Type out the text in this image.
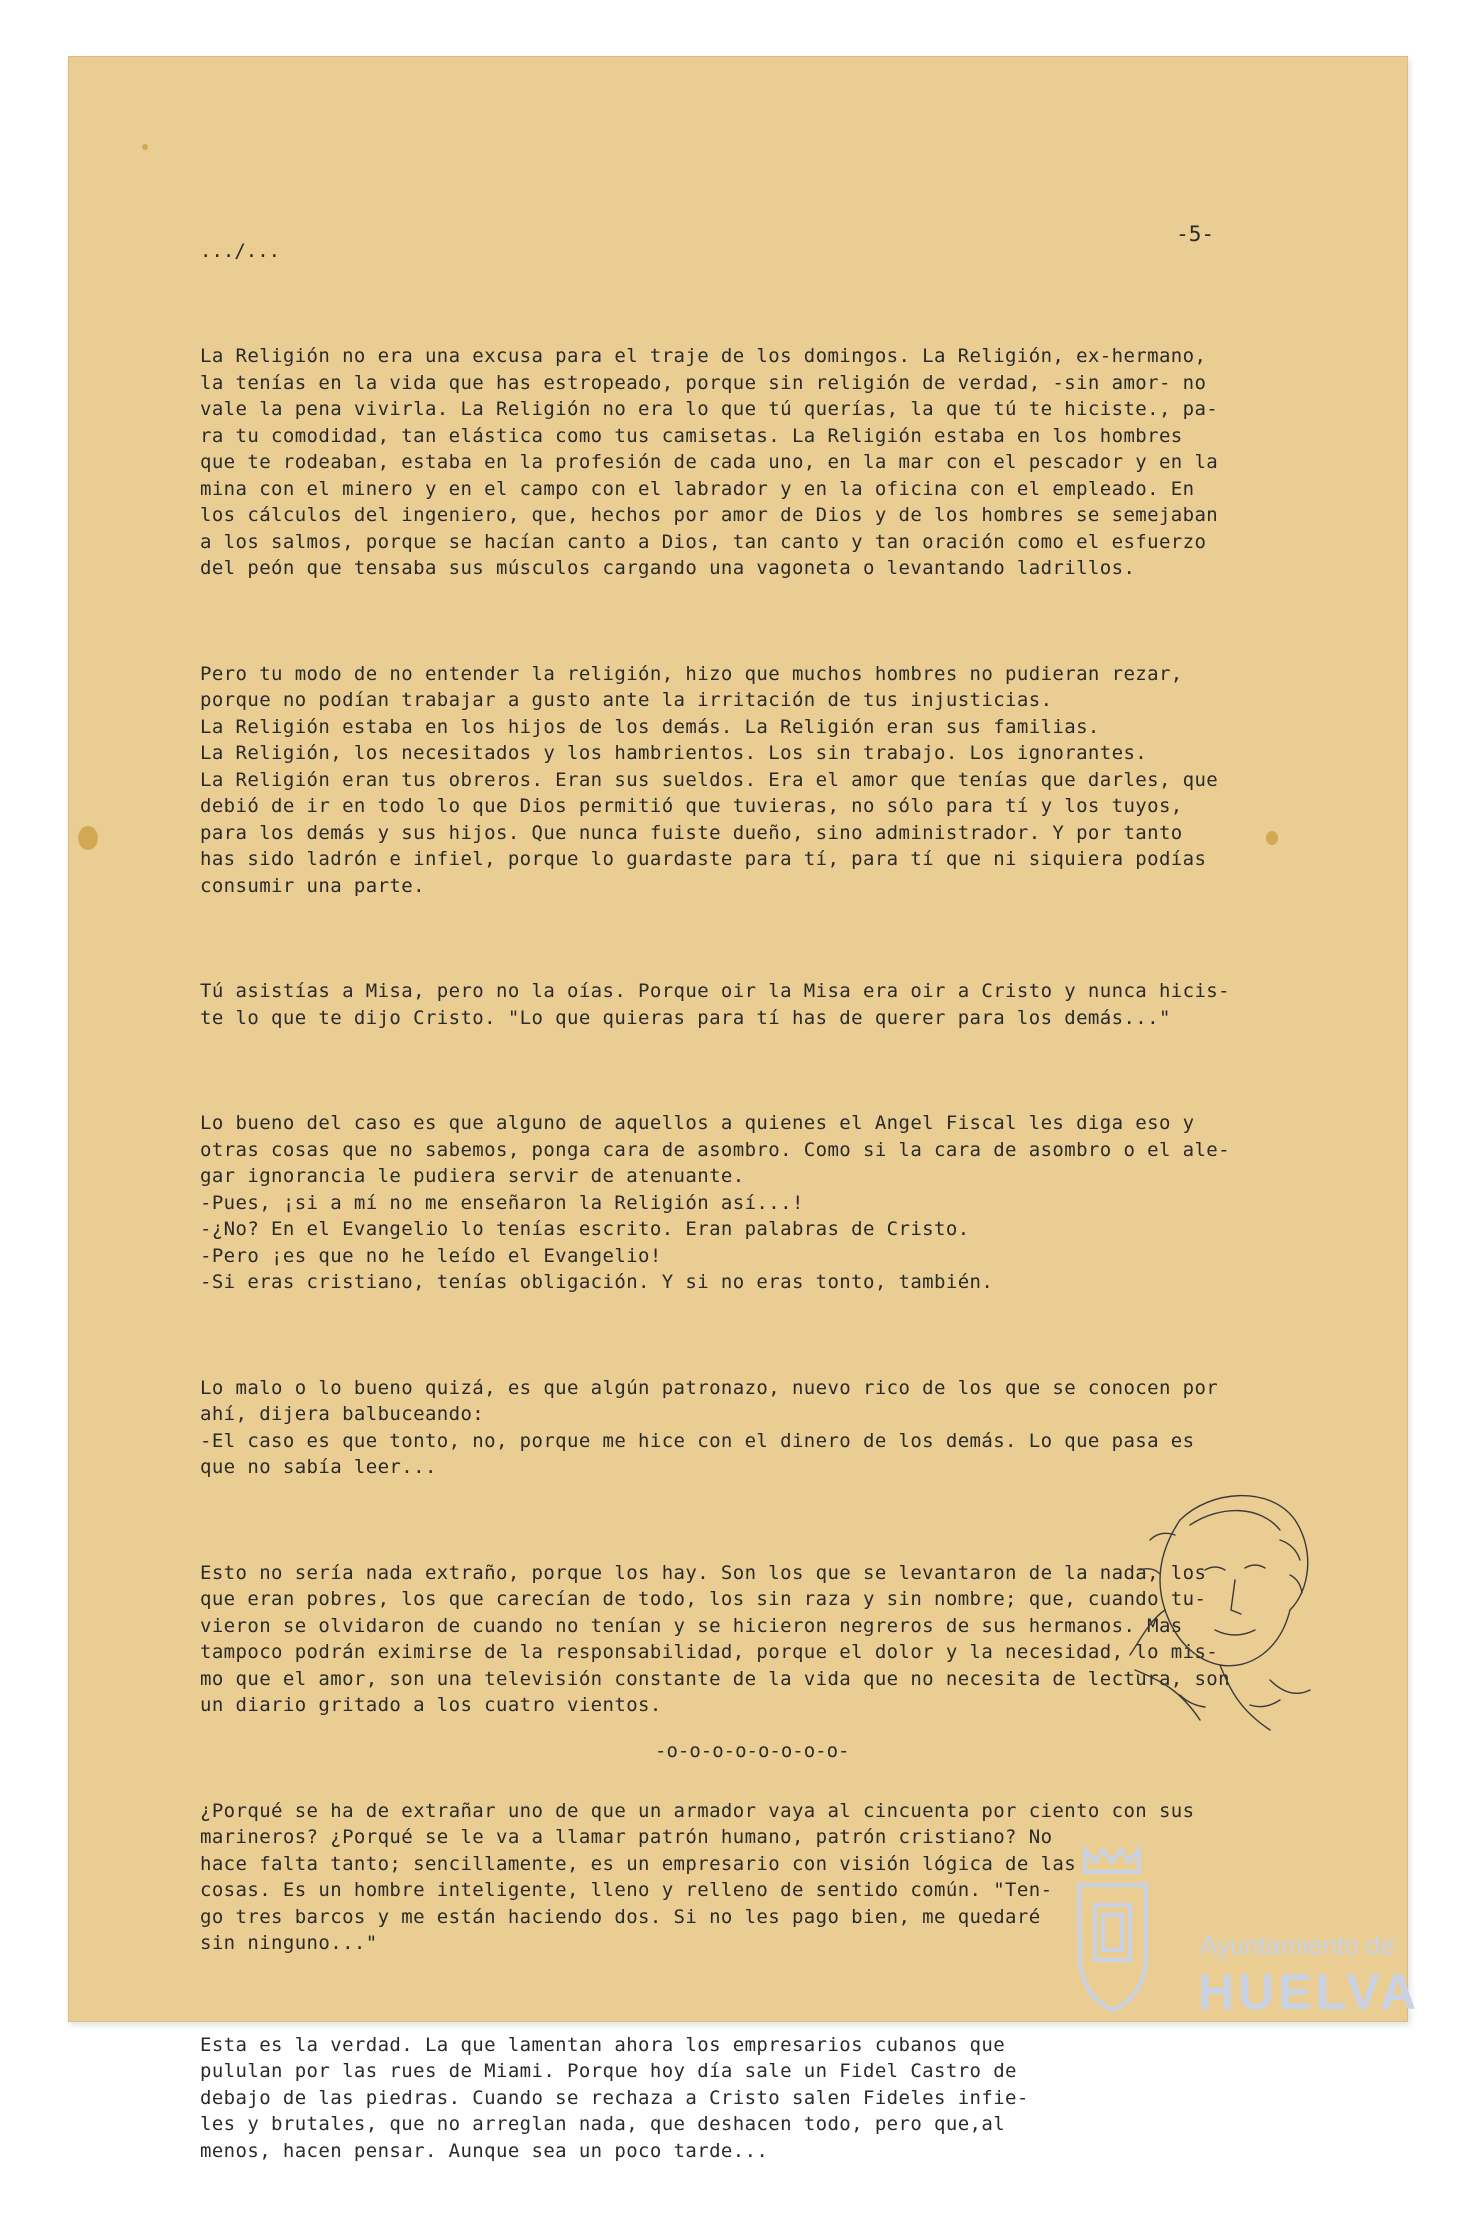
-5-
.../...

La Religión no era una excusa para el traje de los domingos. La Religión, ex-hermano,
la tenías en la vida que has estropeado, porque sin religión de verdad, -sin amor- no
vale la pena vivirla. La Religión no era lo que tú querías, la que tú te hiciste., pa-
ra tu comodidad, tan elástica como tus camisetas. La Religión estaba en los hombres
que te rodeaban, estaba en la profesión de cada uno, en la mar con el pescador y en la
mina con el minero y en el campo con el labrador y en la oficina con el empleado. En
los cálculos del ingeniero, que, hechos por amor de Dios y de los hombres se semejaban
a los salmos, porque se hacían canto a Dios, tan canto y tan oración como el esfuerzo
del peón que tensaba sus músculos cargando una vagoneta o levantando ladrillos.

Pero tu modo de no entender la religión, hizo que muchos hombres no pudieran rezar,
porque no podían trabajar a gusto ante la irritación de tus injusticias.
La Religión estaba en los hijos de los demás. La Religión eran sus familias.
La Religión, los necesitados y los hambrientos. Los sin trabajo. Los ignorantes.
La Religión eran tus obreros. Eran sus sueldos. Era el amor que tenías que darles, que
debió de ir en todo lo que Dios permitió que tuvieras, no sólo para tí y los tuyos,
para los demás y sus hijos. Que nunca fuiste dueño, sino administrador. Y por tanto
has sido ladrón e infiel, porque lo guardaste para tí, para tí que ni siquiera podías
consumir una parte.

Tú asistías a Misa, pero no la oías. Porque oir la Misa era oir a Cristo y nunca hicis-
te lo que te dijo Cristo. "Lo que quieras para tí has de querer para los demás..."

Lo bueno del caso es que alguno de aquellos a quienes el Angel Fiscal les diga eso y
otras cosas que no sabemos, ponga cara de asombro. Como si la cara de asombro o el ale-
gar ignorancia le pudiera servir de atenuante.
-Pues, ¡si a mí no me enseñaron la Religión así...!
-¿No? En el Evangelio lo tenías escrito. Eran palabras de Cristo.
-Pero ¡es que no he leído el Evangelio!
-Si eras cristiano, tenías obligación. Y si no eras tonto, también.

Lo malo o lo bueno quizá, es que algún patronazo, nuevo rico de los que se conocen por
ahí, dijera balbuceando:
-El caso es que tonto, no, porque me hice con el dinero de los demás. Lo que pasa es
que no sabía leer...

Esto no sería nada extraño, porque los hay. Son los que se levantaron de la nada, los
que eran pobres, los que carecían de todo, los sin raza y sin nombre; que, cuando tu-
vieron se olvidaron de cuando no tenían y se hicieron negreros de sus hermanos. Mas
tampoco podrán eximirse de la responsabilidad, porque el dolor y la necesidad, lo mis-
mo que el amor, son una televisión constante de la vida que no necesita de lectura, son
un diario gritado a los cuatro vientos.

¿Porqué se ha de extrañar uno de que un armador vaya al cincuenta por ciento con sus
marineros? ¿Porqué se le va a llamar patrón humano, patrón cristiano? No
hace falta tanto; sencillamente, es un empresario con visión lógica de las
cosas. Es un hombre inteligente, lleno y relleno de sentido común. "Ten-
go tres barcos y me están haciendo dos. Si no les pago bien, me quedaré
sin ninguno..."

Esta es la verdad. La que lamentan ahora los empresarios cubanos que
pululan por las rues de Miami. Porque hoy día sale un Fidel Castro de
debajo de las piedras. Cuando se rechaza a Cristo salen Fideles infie-
les y brutales, que no arreglan nada, que deshacen todo, pero que,al
menos, hacen pensar. Aunque sea un poco tarde...

-o-o-o-o-o-o-o-o-
Ayuntamiento de
HUELVA
